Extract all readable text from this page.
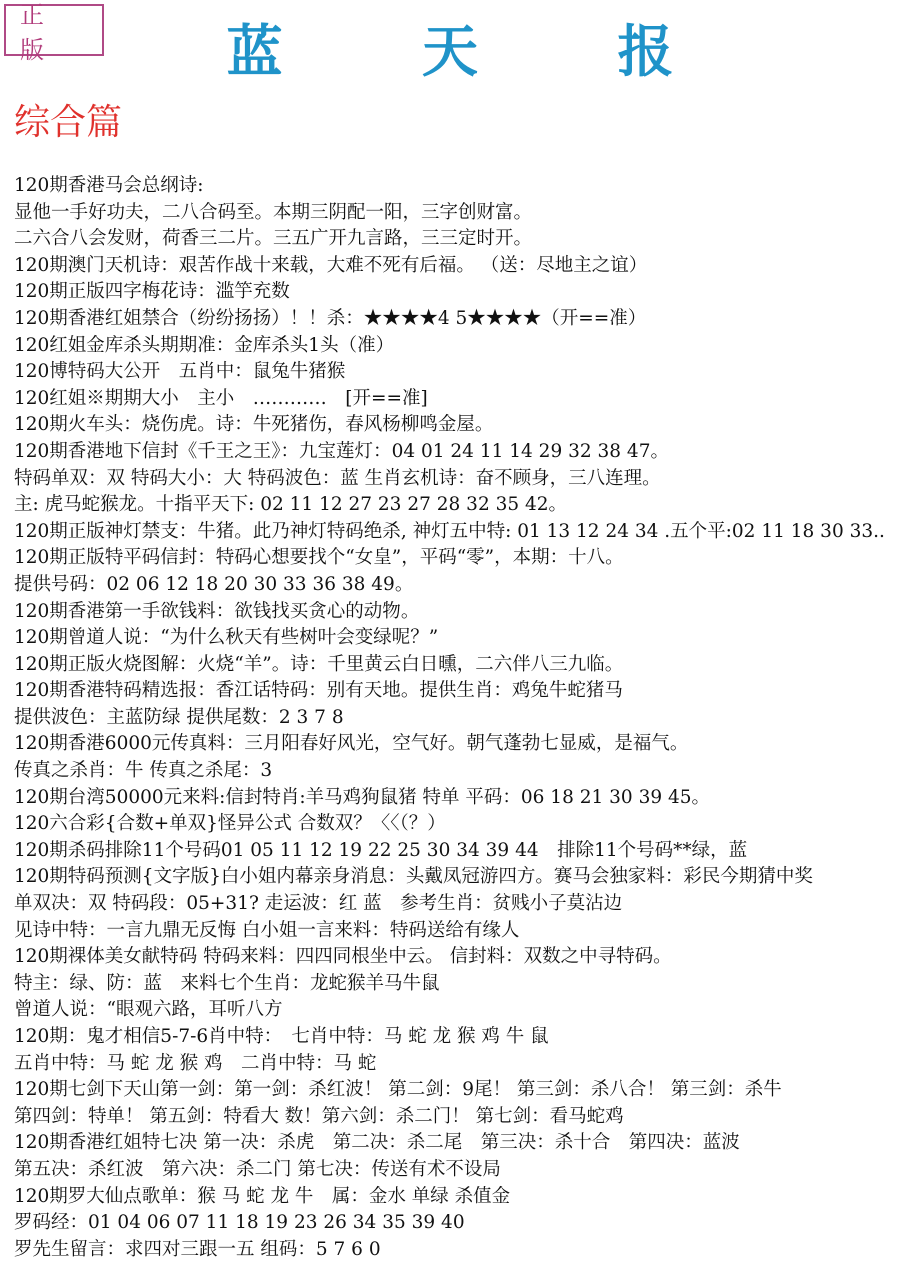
正 版	蓝 天 报
综合篇
120期香港马会总纲诗:
显他一手好功夫，二八合码至。本期三阴配一阳，三字创财富。
二六合八会发财，荷香三二片。三五广开九言路，三三定时开。
120期澳门天机诗：艰苦作战十来载，大难不死有后福。 （送：尽地主之谊）
120期正版四字梅花诗：滥竽充数
120期香港红姐禁合（纷纷扬扬）！！杀：★★★★4 5★★★★（开==准）
120红姐金库杀头期期准：金库杀头1头（准）
120博特码大公开　五肖中：鼠兔牛猪猴
120红姐※期期大小　主小　…………　[开==准]
120期火车头：烧伤虎。诗：牛死猪伤，春风杨柳鸣金屋。
120期香港地下信封《千王之王》：九宝莲灯：04 01 24 11 14 29 32 38 47。
特码单双：双 特码大小：大 特码波色：蓝 生肖玄机诗：奋不顾身，三八连理。
主: 虎马蛇猴龙。十指平天下: 02 11 12 27 23 27 28 32 35 42。
120期正版神灯禁支：牛猪。此乃神灯特码绝杀, 神灯五中特: 01 13 12 24 34 .五个平:02 11 18 30 33..
120期正版特平码信封：特码心想要找个“女皇”，平码“零”，本期：十八。
提供号码：02 06 12 18 20 30 33 36 38 49。
120期香港第一手欲钱料：欲钱找买贪心的动物。
120期曾道人说：“为什么秋天有些树叶会变绿呢？”
120期正版火烧图解：火烧“羊”。诗：千里黄云白日曛，二六伴八三九临。
120期香港特码精选报：香江话特码：别有天地。提供生肖：鸡兔牛蛇猪马
提供波色：主蓝防绿 提供尾数：2 3 7 8
120期香港6000元传真料：三月阳春好风光，空气好。朝气蓬勃七显威，是福气。
传真之杀肖：牛 传真之杀尾：3
120期台湾50000元来料:信封特肖:羊马鸡狗鼠猪 特单 平码：06 18 21 30 39 45。
120六合彩{合数+单双}怪异公式 合数双？〈〈（？）
120期杀码排除11个号码01 05 11 12 19 22 25 30 34 39 44　排除11个号码**绿，蓝
120期特码预测{文字版}白小姐内幕亲身消息：头戴凤冠游四方。赛马会独家料：彩民今期猜中奖
单双决：双 特码段：05+31? 走运波：红 蓝　参考生肖：贫贱小子莫沾边
见诗中特：一言九鼎无反悔 白小姐一言来料：特码送给有缘人
120期裸体美女献特码 特码来料：四四同根坐中云。 信封料：双数之中寻特码。
特主：绿、防：蓝　来料七个生肖：龙蛇猴羊马牛鼠
曾道人说：“眼观六路，耳听八方
120期：鬼才相信5-7-6肖中特：　七肖中特：马 蛇 龙 猴 鸡 牛 鼠
五肖中特：马 蛇 龙 猴 鸡　二肖中特：马 蛇
120期七剑下天山第一剑：第一剑：杀红波！ 第二剑：9尾！ 第三剑：杀八合！ 第三剑：杀牛
第四剑：特单！ 第五剑：特看大 数！第六剑：杀二门！ 第七剑：看马蛇鸡
120期香港红姐特七决 第一决：杀虎　第二决：杀二尾　第三决：杀十合　第四决：蓝波
第五决：杀红波　第六决：杀二门 第七决：传送有术不设局
120期罗大仙点歌单：猴 马 蛇 龙 牛　属：金水 单绿 杀值金
罗码经：01 04 06 07 11 18 19 23 26 34 35 39 40
罗先生留言：求四对三跟一五 组码：5 7 6 0
